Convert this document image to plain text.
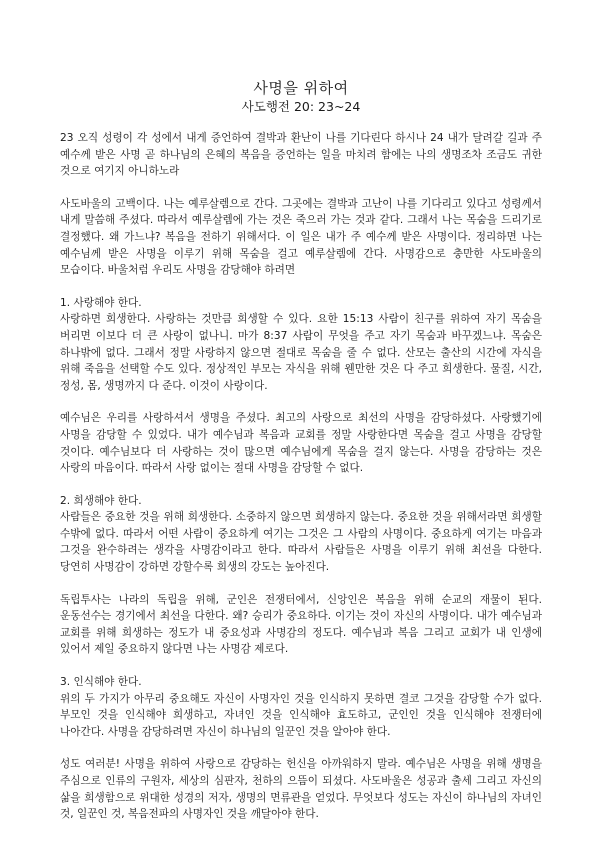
사명을 위하여
사도행전 20: 23~24

23 오직 성령이 각 성에서 내게 증언하여 결박과 환난이 나를 기다린다 하시나 24 내가 달려갈 길과 주 예수께 받은 사명 곧 하나님의 은혜의 복음을 증언하는 일을 마치려 함에는 나의 생명조차 조금도 귀한 것으로 여기지 아니하노라

사도바울의 고백이다. 나는 예루살렘으로 간다. 그곳에는 결박과 고난이 나를 기다리고 있다고 성령께서 내게 말씀해 주셨다. 따라서 예루살렘에 가는 것은 죽으러 가는 것과 같다. 그래서 나는 목숨을 드리기로 결정했다. 왜 가느냐? 복음을 전하기 위해서다. 이 일은 내가 주 예수께 받은 사명이다. 정리하면 나는 예수님께 받은 사명을 이루기 위해 목숨을 걸고 예루살렘에 간다. 사명감으로 충만한 사도바울의 모습이다. 바울처럼 우리도 사명을 감당해야 하려면

1. 사랑해야 한다.

사랑하면 희생한다. 사랑하는 것만큼 희생할 수 있다. 요한 15:13 사람이 친구를 위하여 자기 목숨을 버리면 이보다 더 큰 사랑이 없나니. 마가 8:37 사람이 무엇을 주고 자기 목숨과 바꾸겠느냐. 목숨은 하나밖에 없다. 그래서 정말 사랑하지 않으면 절대로 목숨을 줄 수 없다. 산모는 출산의 시간에 자식을 위해 죽음을 선택할 수도 있다. 정상적인 부모는 자식을 위해 웬만한 것은 다 주고 희생한다. 물질, 시간, 정성, 몸, 생명까지 다 준다. 이것이 사랑이다.

예수님은 우리를 사랑하셔서 생명을 주셨다. 최고의 사랑으로 최선의 사명을 감당하셨다. 사랑했기에 사명을 감당할 수 있었다. 내가 예수님과 복음과 교회를 정말 사랑한다면 목숨을 걸고 사명을 감당할 것이다. 예수님보다 더 사랑하는 것이 많으면 예수님에게 목숨을 걸지 않는다. 사명을 감당하는 것은 사랑의 마음이다. 따라서 사랑 없이는 절대 사명을 감당할 수 없다.

2. 희생해야 한다.

사람들은 중요한 것을 위해 희생한다. 소중하지 않으면 희생하지 않는다. 중요한 것을 위해서라면 희생할 수밖에 없다. 따라서 어떤 사람이 중요하게 여기는 그것은 그 사람의 사명이다. 중요하게 여기는 마음과 그것을 완수하려는 생각을 사명감이라고 한다. 따라서 사람들은 사명을 이루기 위해 최선을 다한다. 당연히 사명감이 강하면 강할수록 희생의 강도는 높아진다.

독립투사는 나라의 독립을 위해, 군인은 전쟁터에서, 신앙인은 복음을 위해 순교의 재물이 된다. 운동선수는 경기에서 최선을 다한다. 왜? 승리가 중요하다. 이기는 것이 자신의 사명이다. 내가 예수님과 교회를 위해 희생하는 정도가 내 중요성과 사명감의 정도다. 예수님과 복음 그리고 교회가 내 인생에 있어서 제일 중요하지 않다면 나는 사명감 제로다.

3. 인식해야 한다.

위의 두 가지가 아무리 중요해도 자신이 사명자인 것을 인식하지 못하면 결코 그것을 감당할 수가 없다. 부모인 것을 인식해야 희생하고, 자녀인 것을 인식해야 효도하고, 군인인 것을 인식해야 전쟁터에 나아간다. 사명을 감당하려면 자신이 하나님의 일꾼인 것을 알아야 한다.

성도 여러분! 사명을 위하여 사랑으로 감당하는 헌신을 아까워하지 말라. 예수님은 사명을 위해 생명을 주심으로 인류의 구원자, 세상의 심판자, 천하의 으뜸이 되셨다. 사도바울은 성공과 출세 그리고 자신의 삶을 희생함으로 위대한 성경의 저자, 생명의 면류관을 얻었다. 무엇보다 성도는 자신이 하나님의 자녀인 것, 일꾼인 것, 복음전파의 사명자인 것을 깨달아야 한다.
